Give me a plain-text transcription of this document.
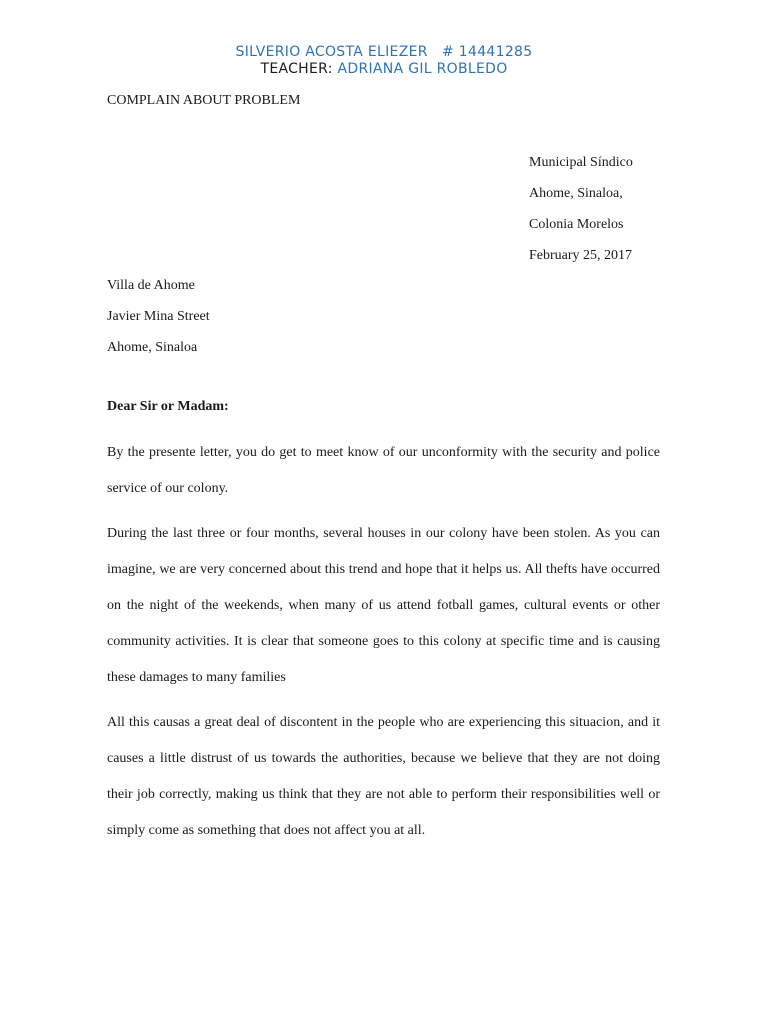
SILVERIO ACOSTA ELIEZER   # 14441285
TEACHER: ADRIANA GIL ROBLEDO
COMPLAIN ABOUT PROBLEM
Municipal Síndico
Ahome, Sinaloa,
Colonia Morelos
February 25, 2017
Villa de Ahome
Javier Mina Street
Ahome, Sinaloa
Dear Sir or Madam:

By the presente letter, you do get to meet know of our unconformity with the security and police service of our colony.

During the last three or four months, several houses in our colony have been stolen. As you can imagine, we are very concerned about this trend and hope that it helps us. All thefts have occurred on the night of the weekends, when many of us attend fotball games, cultural events or other community activities. It is clear that someone goes to this colony at specific time and is causing these damages to many families

All this causas a great deal of discontent in the people who are experiencing this situacion, and it causes a little distrust of us towards the authorities, because we believe that they are not doing their job correctly, making us think that they are not able to perform their responsibilities well or simply come as something that does not affect you at all.
